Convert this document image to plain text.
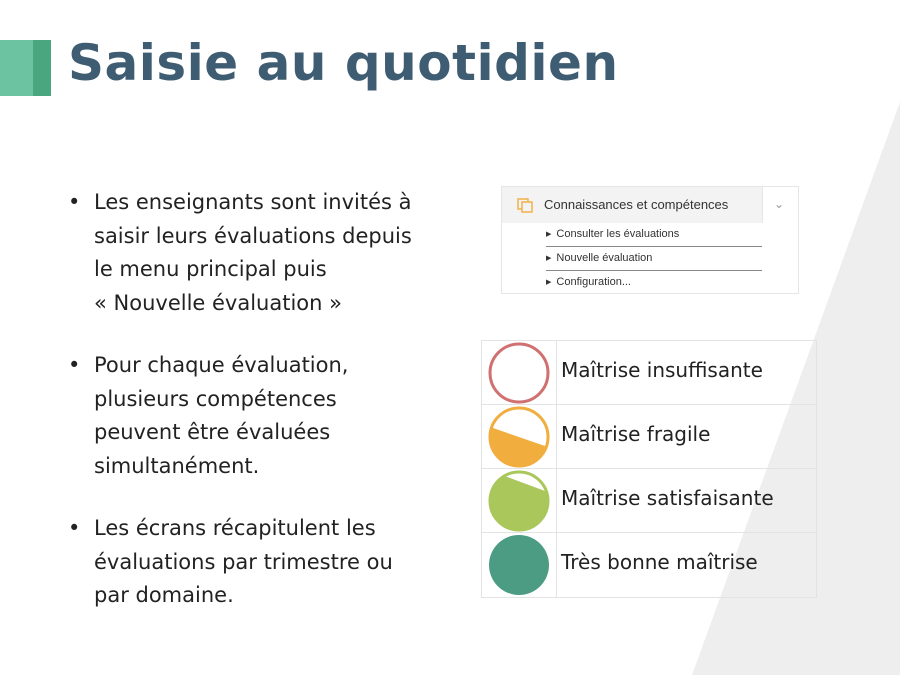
Saisie au quotidien
• Les enseignants sont invités à
saisir leurs évaluations depuis
le menu principal puis
« Nouvelle évaluation »
• Pour chaque évaluation,
plusieurs compétences
peuvent être évaluées
simultanément.
• Les écrans récapitulent les
évaluations par trimestre ou
par domaine.
Connaissances et compétences	⌄
▶ Consulter les évaluations
▶ Nouvelle évaluation
▶ Configuration...
Maîtrise insuffisante
Maîtrise fragile
Maîtrise satisfaisante
Très bonne maîtrise
